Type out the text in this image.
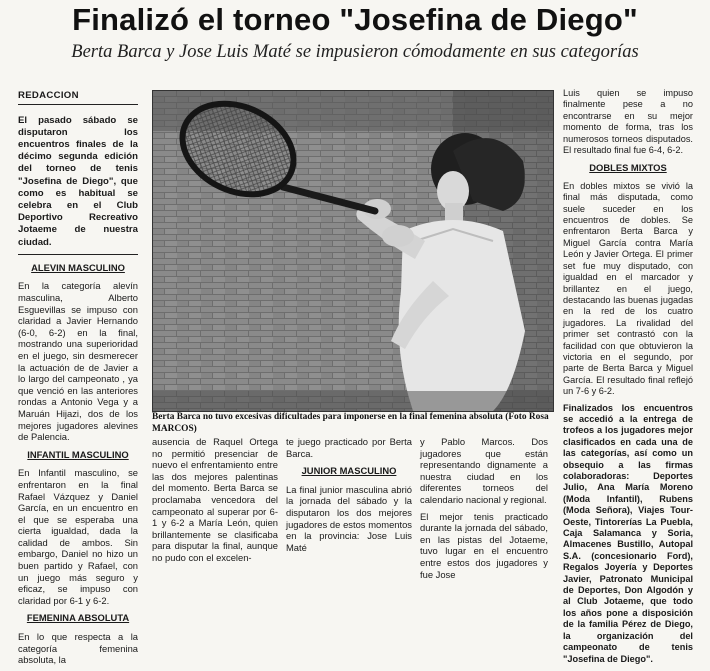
Finalizó el torneo "Josefina de Diego"
Berta Barca y Jose Luis Maté se impusieron cómodamente en sus categorías
REDACCION

El pasado sábado se disputaron los encuentros finales de la décimo segunda edición del torneo de tenis "Josefina de Diego", que como es habitual se celebra en el Club Deportivo Recreativo Jotaeme de nuestra ciudad.

ALEVIN MASCULINO

En la categoría alevín masculina, Alberto Esguevillas se impuso con claridad a Javier Hernando (6-0, 6-2) en la final, mostrando una superioridad en el juego, sin desmerecer la actuación de de Javier a lo largo del campeonato , ya que venció en las anteriores rondas a Antonio Vega y a Maruán Hijazi, dos de los mejores jugadores alevines de Palencia.

INFANTIL MASCULINO

En Infantil masculino, se enfrentaron en la final Rafael Vázquez y Daniel García, en un encuentro en el que se esperaba una cierta igualdad, dada la calidad de ambos. Sin embargo, Daniel no hizo un buen partido y Rafael, con un juego más seguro y eficaz, se impuso con claridad por 6-1 y 6-2.

FEMENINA ABSOLUTA

En lo que respecta a la categoría femenina absoluta, la

Berta Barca no tuvo excesivas dificultades para imponerse en la final femenina absoluta (Foto Rosa MARCOS)

ausencia de Raquel Ortega no permitió presenciar de nuevo el enfrentamiento entre las dos mejores palentinas del momento. Berta Barca se proclamaba vencedora del campeonato al superar por 6-1 y 6-2 a María León, quien brillantemente se clasificaba para disputar la final, aunque no pudo con el excelen-

te juego practicado por Berta Barca.

JUNIOR MASCULINO

La final junior masculina abrió la jornada del sábado y la disputaron los dos mejores jugadores de estos momentos en la provincia: Jose Luis Maté

y Pablo Marcos. Dos jugadores que están representando dignamente a nuestra ciudad en los diferentes torneos del calendario nacional y regional.

El mejor tenis practicado durante la jornada del sábado, en las pistas del Jotaeme, tuvo lugar en el encuentro entre estos dos jugadores y fue Jose

Luis quien se impuso finalmente pese a no encontrarse en su mejor momento de forma, tras los numerosos torneos disputados. El resultado final fue 6-4, 6-2.

DOBLES MIXTOS

En dobles mixtos se vivió la final más disputada, como suele suceder en los encuentros de dobles. Se enfrentaron Berta Barca y Miguel García contra María León y Javier Ortega. El primer set fue muy disputado, con igualdad en el marcador y brillantez en el juego, destacando las buenas jugadas en la red de los cuatro jugadores. La rivalidad del primer set contrastó con la facilidad con que obtuvieron la victoria en el segundo, por parte de Berta Barca y Miguel García. El resultado final reflejó un 7-6 y 6-2.

Finalizados los encuentros se accedió a la entrega de trofeos a los jugadores mejor clasificados en cada una de las categorías, así como un obsequio a las firmas colaboradoras: Deportes Julio, Ana María Moreno (Moda Infantil), Rubens (Moda Señora), Viajes Tour-Oeste, Tintorerías La Puebla, Caja Salamanca y Soria, Almacenes Bustillo, Autopal S.A. (concesionario Ford), Regalos Joyería y Deportes Javier, Patronato Municipal de Deportes, Don Algodón y al Club Jotaeme, que todo los años pone a disposición de la familia Pérez de Diego, la organización del campeonato de tenis "Josefina de Diego".
